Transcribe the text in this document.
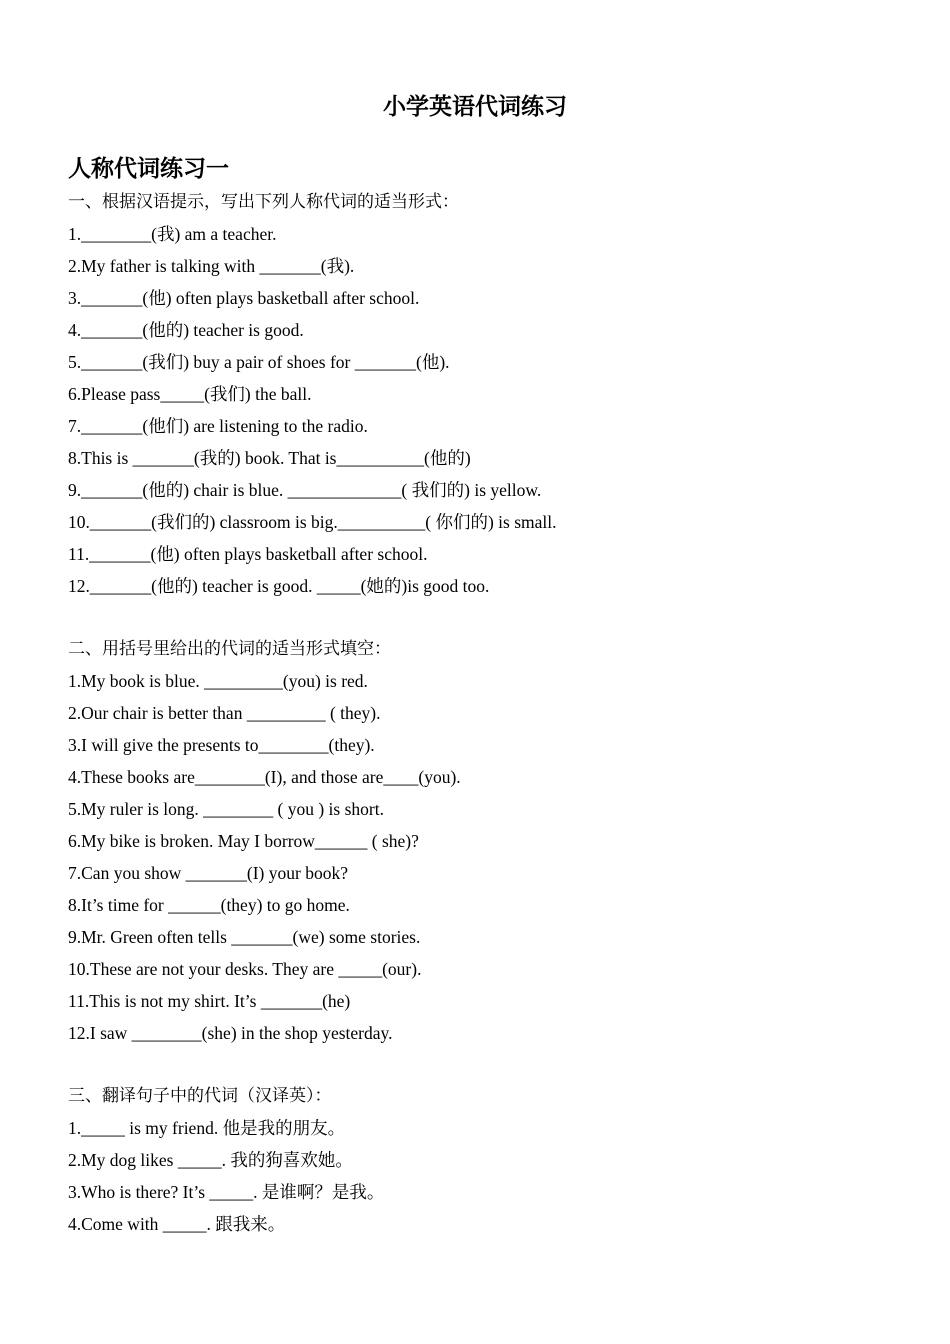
小学英语代词练习
人称代词练习一

一、根据汉语提示，写出下列人称代词的适当形式：

1.________(我) am a teacher.

2.My father is talking with _______(我).

3._______(他) often plays basketball after school.

4._______(他的) teacher is good.

5._______(我们) buy a pair of shoes for _______(他).

6.Please pass_____(我们) the ball.

7._______(他们) are listening to the radio.

8.This is _______(我的) book. That is__________(他的)

9._______(他的) chair is blue. _____________( 我们的) is yellow.

10._______(我们的) classroom is big.__________( 你们的) is small.

11._______(他) often plays basketball after school.

12._______(他的) teacher is good. _____(她的)is good too.

二、用括号里给出的代词的适当形式填空：

1.My book is blue. _________(you) is red.

2.Our chair is better than _________ ( they).

3.I will give the presents to________(they).

4.These books are________(I), and those are____(you).

5.My ruler is long. ________ ( you ) is short.

6.My bike is broken. May I borrow______ ( she)?

7.Can you show _______(I) your book?

8.It’s time for ______(they) to go home.

9.Mr. Green often tells _______(we) some stories.

10.These are not your desks. They are _____(our).

11.This is not my shirt. It’s _______(he)

12.I saw ________(she) in the shop yesterday.

三、翻译句子中的代词（汉译英）：

1._____ is my friend. 他是我的朋友。

2.My dog likes _____. 我的狗喜欢她。

3.Who is there? It’s _____. 是谁啊？是我。

4.Come with _____. 跟我来。
